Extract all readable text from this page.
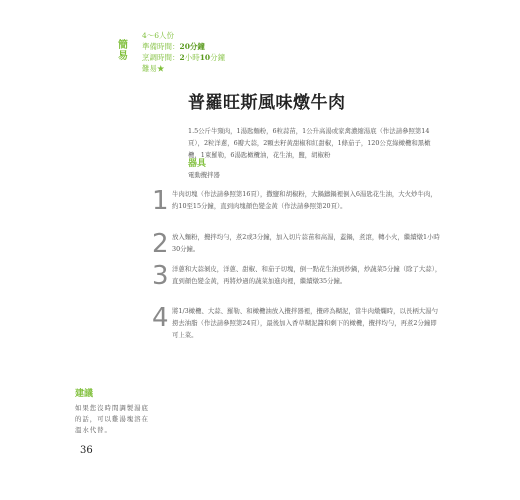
簡易
4～6人份
準備時間：20分鐘
烹調時間：2小時10分鐘
難易★
普羅旺斯風味燉牛肉
1.5公斤牛頸肉，1湯匙麵粉，6粒蒜苗，1公升高湯或家禽濃縮湯底（作法請參照第14頁），2粒洋蔥，6瓣大蒜，2顆去籽黃甜椒和紅甜椒，1條茄子，120公克綠橄欖和黑橄欖，1束羅勒，6湯匙橄欖油，花生油，鹽，胡椒粉
器具
電動攪拌器
1 牛肉切塊（作法請參照第16頁），撒鹽和胡椒粉，大鍋鑄鍋裡倒入6湯匙花生油，大火炒牛肉，約10至15分鐘，直到肉塊顏色變金黃（作法請參照第20頁）。
2 放入麵粉，攪拌均勻，煮2或3分鐘，加入切片蒜苗和高湯，蓋鍋，煮滾，轉小火，繼續燉1小時30分鐘。
3 洋蔥和大蒜剝皮，洋蔥、甜椒、和茄子切塊，倒一點花生油到炒鍋，炒蔬菜5分鐘（除了大蒜），直到顏色變金黃，再將炒過的蔬菜加進肉裡，繼續燉35分鐘。
4 將1/3橄欖、大蒜、羅勒、和橄欖油放入攪拌器裡，攪碎為糊泥，當牛肉燉爛時，以長柄大湯勺撈去油脂（作法請參照第24頁），最後加入香草糊泥醬和剩下的橄欖，攪拌均勻，再煮2分鐘即可上菜。
建議
如果您沒時間調製湯底的話，可以雞湯塊溶在溫水代替。
36
